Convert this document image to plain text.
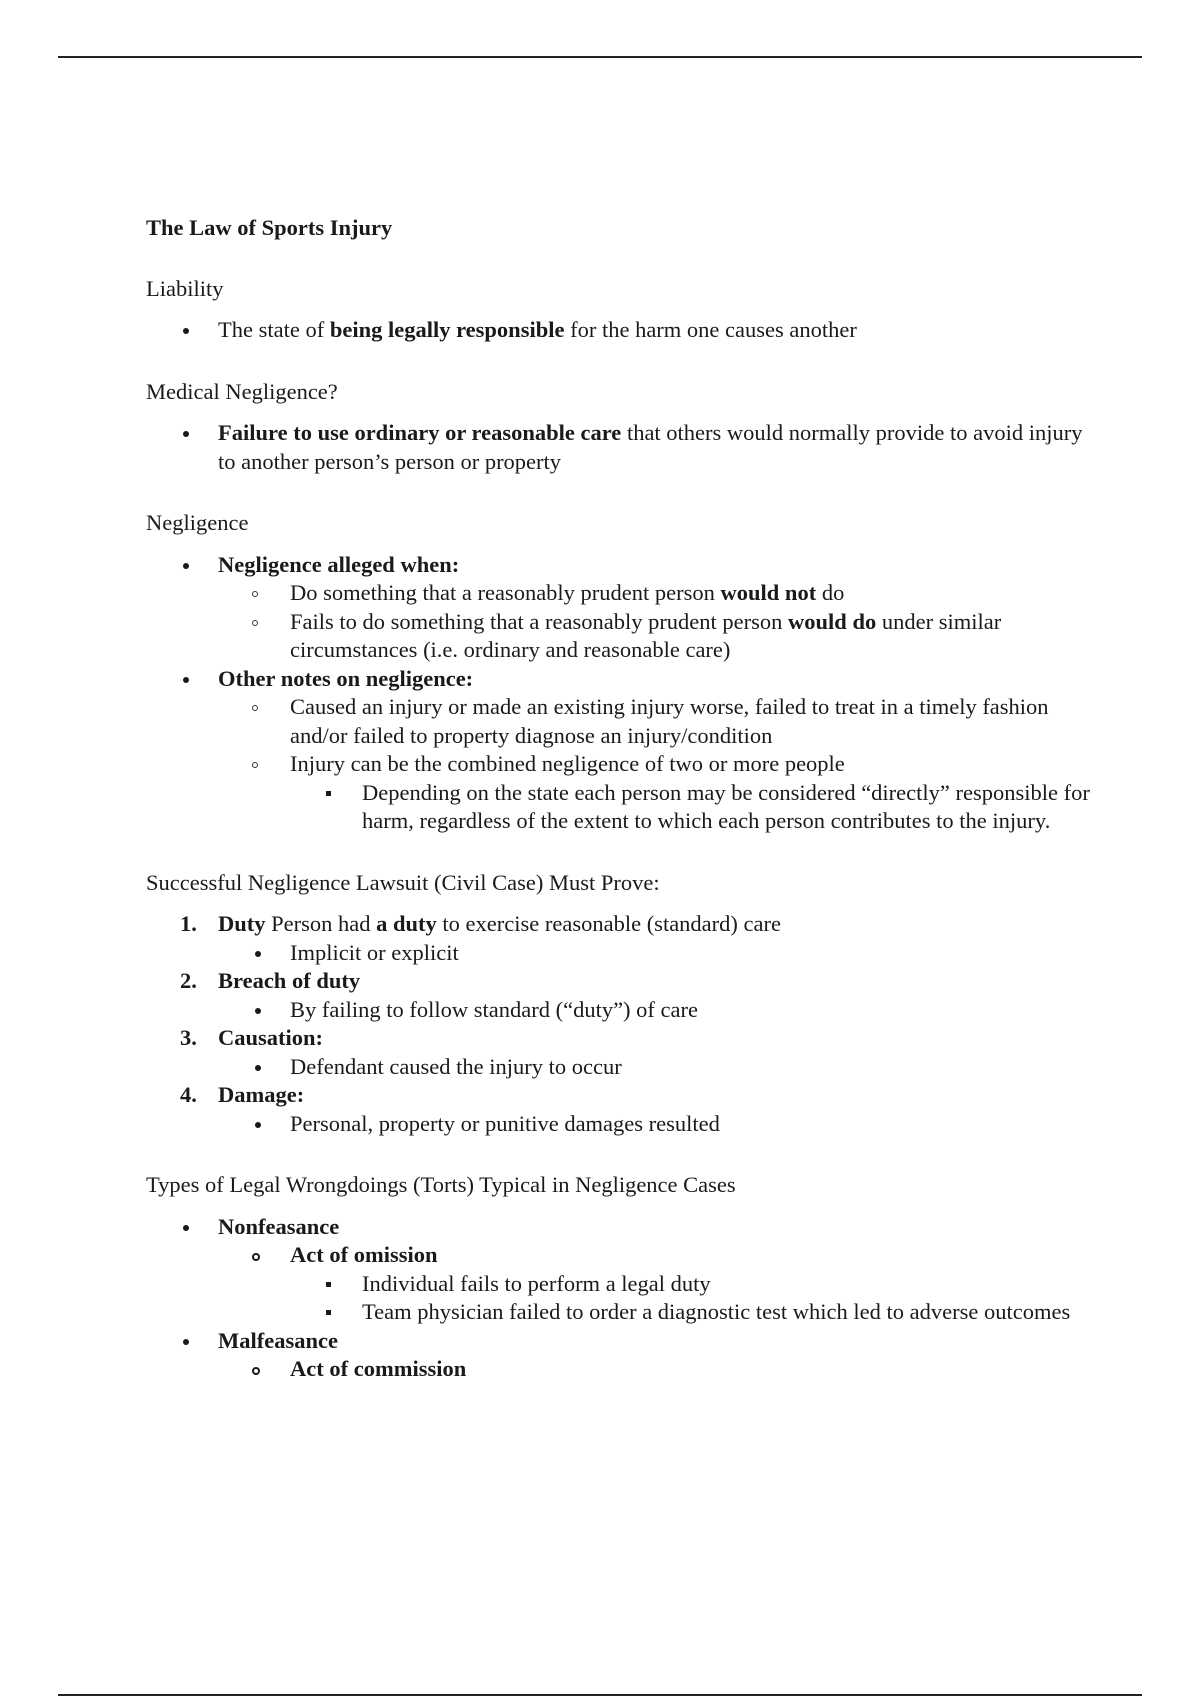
The Law of Sports Injury
Liability
The state of being legally responsible for the harm one causes another
Medical Negligence?
Failure to use ordinary or reasonable care that others would normally provide to avoid injury to another person’s person or property
Negligence
Negligence alleged when:
Do something that a reasonably prudent person would not do
Fails to do something that a reasonably prudent person would do under similar circumstances (i.e. ordinary and reasonable care)
Other notes on negligence:
Caused an injury or made an existing injury worse, failed to treat in a timely fashion and/or failed to property diagnose an injury/condition
Injury can be the combined negligence of two or more people
Depending on the state each person may be considered “directly” responsible for harm, regardless of the extent to which each person contributes to the injury.
Successful Negligence Lawsuit (Civil Case) Must Prove:
1. Duty Person had a duty to exercise reasonable (standard) care
Implicit or explicit
2. Breach of duty
By failing to follow standard (“duty”) of care
3. Causation:
Defendant caused the injury to occur
4. Damage:
Personal, property or punitive damages resulted
Types of Legal Wrongdoings (Torts) Typical in Negligence Cases
Nonfeasance
Act of omission
Individual fails to perform a legal duty
Team physician failed to order a diagnostic test which led to adverse outcomes
Malfeasance
Act of commission
